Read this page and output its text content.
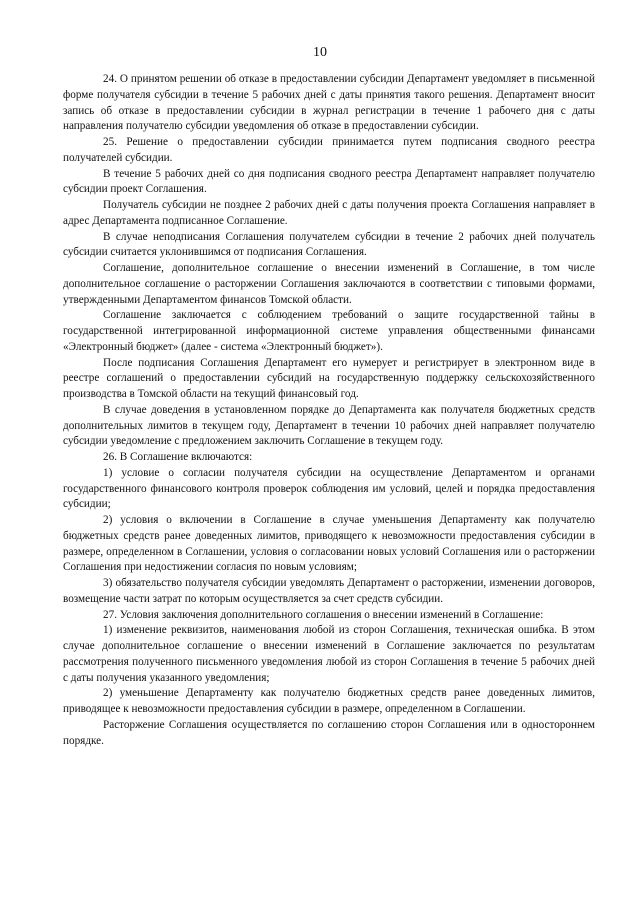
10

24. О принятом решении об отказе в предоставлении субсидии Департамент уведомляет в письменной форме получателя субсидии в течение 5 рабочих дней с даты принятия такого решения. Департамент вносит запись об отказе в предоставлении субсидии в журнал регистрации в течение 1 рабочего дня с даты направления получателю субсидии уведомления об отказе в предоставлении субсидии.

25. Решение о предоставлении субсидии принимается путем подписания сводного реестра получателей субсидии.

В течение 5 рабочих дней со дня подписания сводного реестра Департамент направляет получателю субсидии проект Соглашения.

Получатель субсидии не позднее 2 рабочих дней с даты получения проекта Соглашения направляет в адрес Департамента подписанное Соглашение.

В случае неподписания Соглашения получателем субсидии в течение 2 рабочих дней получатель субсидии считается уклонившимся от подписания Соглашения.

Соглашение, дополнительное соглашение о внесении изменений в Соглашение, в том числе дополнительное соглашение о расторжении Соглашения заключаются в соответствии с типовыми формами, утвержденными Департаментом финансов Томской области.

Соглашение заключается с соблюдением требований о защите государственной тайны в государственной интегрированной информационной системе управления общественными финансами «Электронный бюджет» (далее - система «Электронный бюджет»).

После подписания Соглашения Департамент его нумерует и регистрирует в электронном виде в реестре соглашений о предоставлении субсидий на государственную поддержку сельскохозяйственного производства в Томской области на текущий финансовый год.

В случае доведения в установленном порядке до Департамента как получателя бюджетных средств дополнительных лимитов в текущем году, Департамент в течении 10 рабочих дней направляет получателю субсидии уведомление с предложением заключить Соглашение в текущем году.

26. В Соглашение включаются:

1) условие о согласии получателя субсидии на осуществление Департаментом и органами государственного финансового контроля проверок соблюдения им условий, целей и порядка предоставления субсидии;

2) условия о включении в Соглашение в случае уменьшения Департаменту как получателю бюджетных средств ранее доведенных лимитов, приводящего к невозможности предоставления субсидии в размере, определенном в Соглашении, условия о согласовании новых условий Соглашения или о расторжении Соглашения при недостижении согласия по новым условиям;

3) обязательство получателя субсидии уведомлять Департамент о расторжении, изменении договоров, возмещение части затрат по которым осуществляется за счет средств субсидии.

27. Условия заключения дополнительного соглашения о внесении изменений в Соглашение:

1) изменение реквизитов, наименования любой из сторон Соглашения, техническая ошибка. В этом случае дополнительное соглашение о внесении изменений в Соглашение заключается по результатам рассмотрения полученного письменного уведомления любой из сторон Соглашения в течение 5 рабочих дней с даты получения указанного уведомления;

2) уменьшение Департаменту как получателю бюджетных средств ранее доведенных лимитов, приводящее к невозможности предоставления субсидии в размере, определенном в Соглашении.

Расторжение Соглашения осуществляется по соглашению сторон Соглашения или в одностороннем порядке.
